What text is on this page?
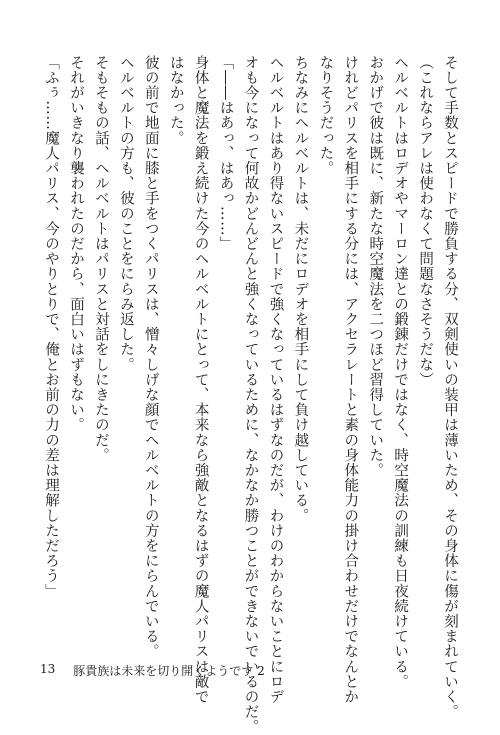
そして手数とスピードで勝負する分、双剣使いの装甲は薄いため、その身体に傷が刻まれていく。
（これならアレは使わなくて問題なさそうだな）
ヘルベルトはロデオやマーロン達との鍛錬だけではなく、時空魔法の訓練も日夜続けている。
おかげで彼は既に、新たな時空魔法を二つほど習得していた。
けれどパリスを相手にする分には、アクセラレートと素の身体能力の掛け合わせだけでなんとか
なりそうだった。
ちなみにヘルベルトは、未だにロデオを相手にして負け越している。
ヘルベルトはあり得ないスピードで強くなっているはずなのだが、わけのわからないことにロデ
オも今になって何故かどんどんと強くなっているために、なかなか勝つことができないでいるのだ。
「――はあっ、はあっ……」
身体と魔法を鍛え続けた今のヘルベルトにとって、本来なら強敵となるはずの魔人パリスは敵で
はなかった。
彼の前で地面に膝と手をつくパリスは、憎々しげな顔でヘルベルトの方をにらんでいる。
ヘルベルトの方も、彼のことをにらみ返した。
そもそもの話、ヘルベルトはパリスと対話をしにきたのだ。
それがいきなり襲われたのだから、面白いはずもない。
「ふぅ……魔人パリス、今のやりとりで、俺とお前の力の差は理解しただろう」
13 豚貴族は未来を切り開くようです 2
